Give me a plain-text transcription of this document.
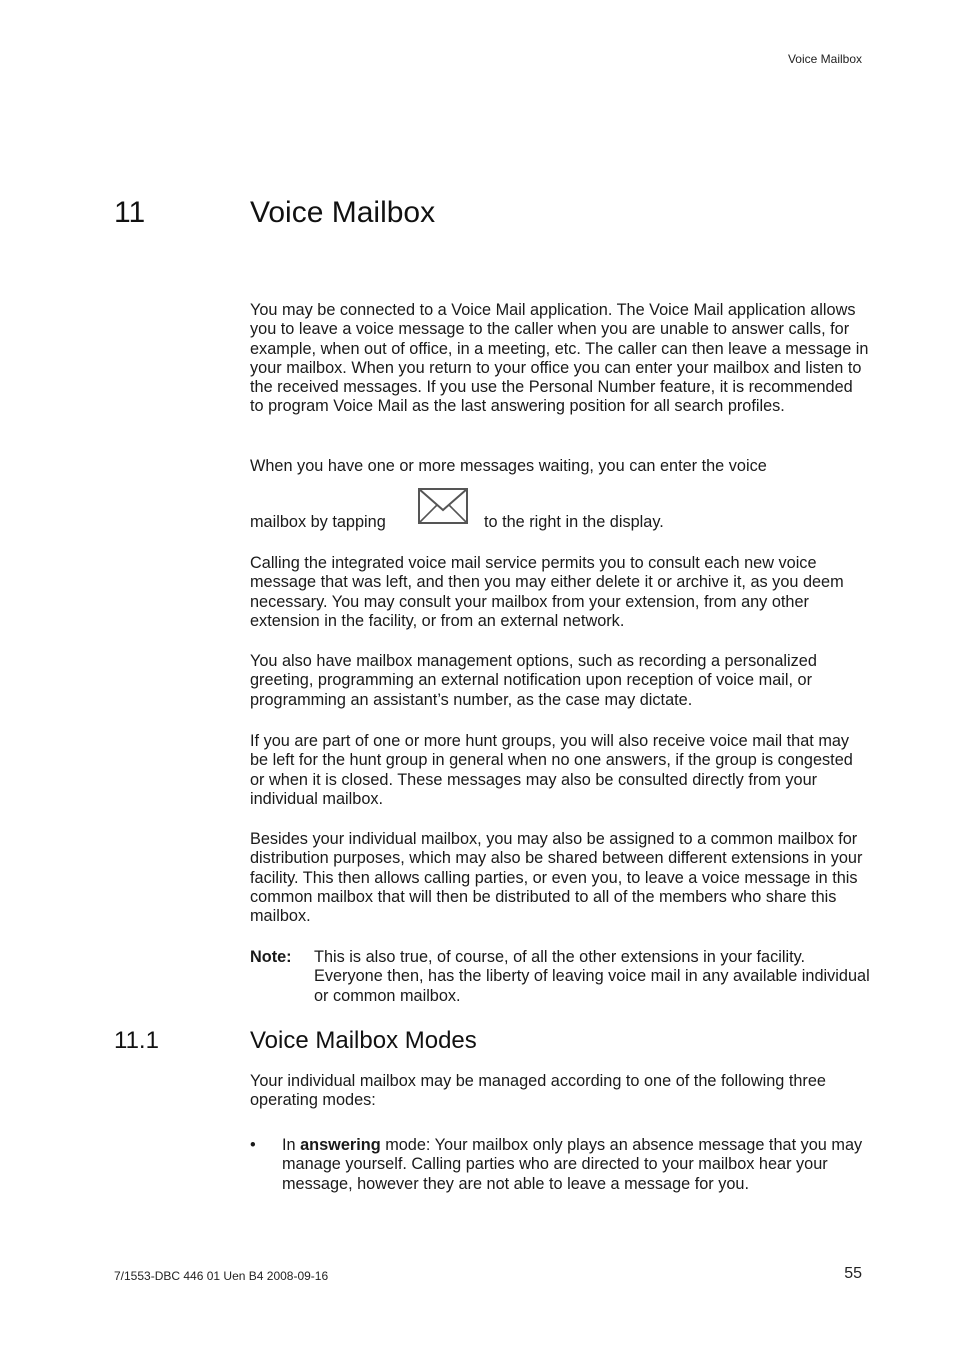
Voice Mailbox
11	Voice Mailbox

You may be connected to a Voice Mail application. The Voice Mail application allows you to leave a voice message to the caller when you are unable to answer calls, for example, when out of office, in a meeting, etc. The caller can then leave a message in your mailbox. When you return to your office you can enter your mailbox and listen to the received messages. If you use the Personal Number feature, it is recommended to program Voice Mail as the last answering position for all search profiles.

When you have one or more messages waiting, you can enter the voice

mailbox by tapping	to the right in the display.

Calling the integrated voice mail service permits you to consult each new voice message that was left, and then you may either delete it or archive it, as you deem necessary. You may consult your mailbox from your extension, from any other extension in the facility, or from an external network.

You also have mailbox management options, such as recording a personalized greeting, programming an external notification upon reception of voice mail, or programming an assistant’s number, as the case may dictate.

If you are part of one or more hunt groups, you will also receive voice mail that may be left for the hunt group in general when no one answers, if the group is congested or when it is closed. These messages may also be consulted directly from your individual mailbox.

Besides your individual mailbox, you may also be assigned to a common mailbox for distribution purposes, which may also be shared between different extensions in your facility. This then allows calling parties, or even you, to leave a voice message in this common mailbox that will then be distributed to all of the members who share this mailbox.

Note: This is also true, of course, of all the other extensions in your facility. Everyone then, has the liberty of leaving voice mail in any available individual or common mailbox.
11.1	Voice Mailbox Modes

Your individual mailbox may be managed according to one of the following three operating modes:

• In answering mode: Your mailbox only plays an absence message that you may manage yourself. Calling parties who are directed to your mailbox hear your message, however they are not able to leave a message for you.
7/1553-DBC 446 01 Uen B4 2008-09-16	55
